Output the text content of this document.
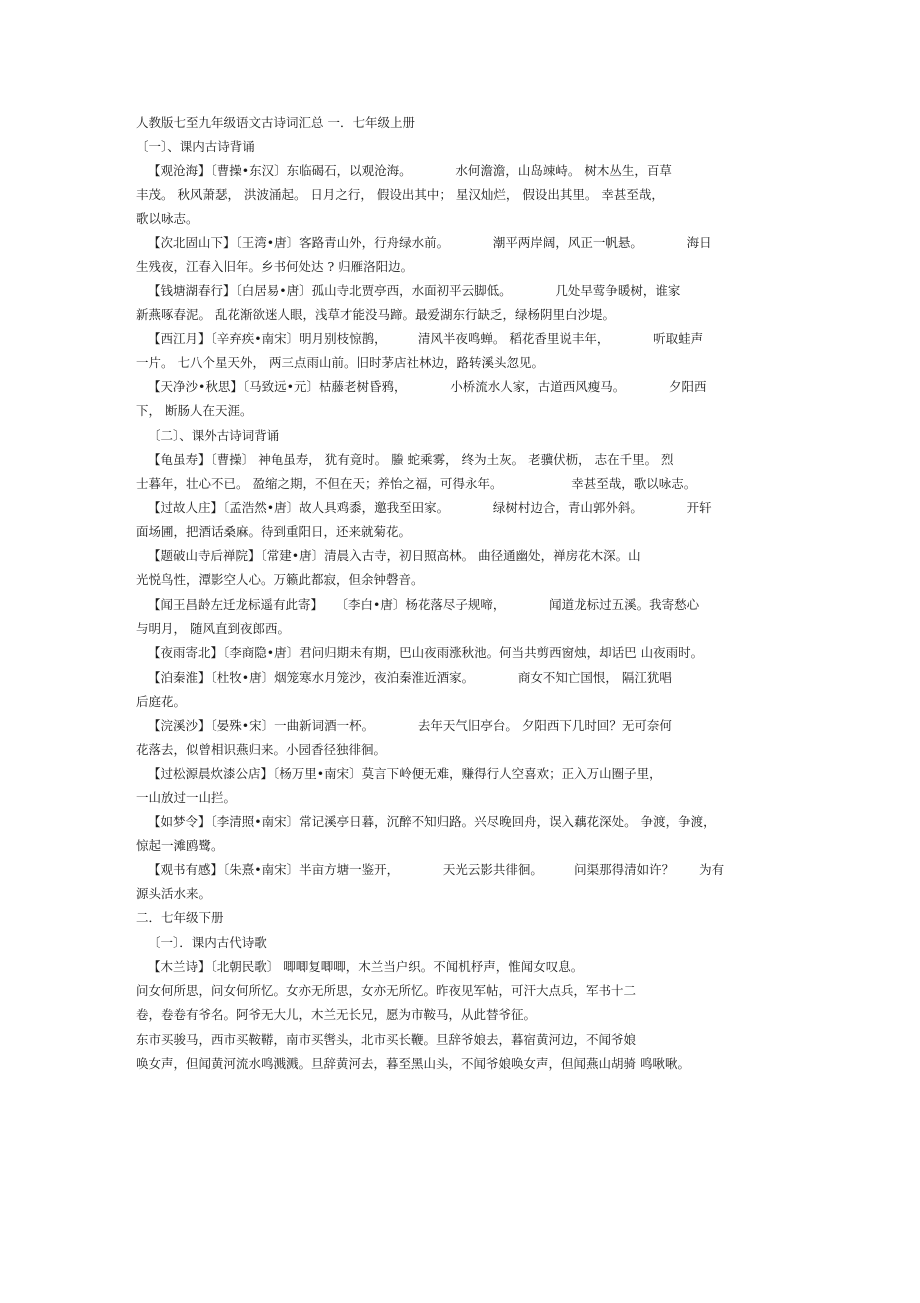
人教版七至九年级语文古诗词汇总 一．七年级上册
〔一〕、课内古诗背诵
【观沧海】〔曹操•东汉〕东临碣石，以观沧海。　　　　水何澹澹，山岛竦峙。 树木丛生，百草
丰茂。 秋风萧瑟， 洪波涌起。 日月之行， 假设出其中； 星汉灿烂， 假设出其里。 幸甚至哉，
歌以咏志。
【次北固山下】〔王湾•唐〕客路青山外，行舟绿水前。　　　　潮平两岸阔，风正一帆悬。　　　　海日
生残夜，江春入旧年。乡书何处达 ? 归雁洛阳边。
【钱塘湖春行】〔白居易•唐〕孤山寺北贾亭西，水面初平云脚低。　　　　几处早莺争暖树，谁家
新燕啄春泥。 乱花渐欲迷人眼，浅草才能没马蹄。最爱湖东行缺乏，绿杨阴里白沙堤。
【西江月】〔辛弃疾•南宋〕明月别枝惊鹊，　　　清风半夜鸣蝉。 稻花香里说丰年，　　　　听取蛙声
一片。 七八个星天外， 两三点雨山前。旧时茅店社林边，路转溪头忽见。
【天净沙•秋思】〔马致远•元〕枯藤老树昏鸦，　　　　小桥流水人家，古道西风瘦马。　　　　夕阳西
下， 断肠人在天涯。
〔二〕、课外古诗词背诵
【龟虽寿】〔曹操〕 神龟虽寿， 犹有竟时。 螣 蛇乘雾， 终为土灰。 老骥伏枥， 志在千里。 烈
士暮年，壮心不已。 盈缩之期，不但在天；养怡之福，可得永年。　　　　　　幸甚至哉，歌以咏志。
【过故人庄】〔孟浩然•唐〕故人具鸡黍，邀我至田家。　　　　绿树村边合，青山郭外斜。　　　　开轩
面场圃，把酒话桑麻。待到重阳日，还来就菊花。
【题破山寺后禅院】〔常建•唐〕清晨入古寺，初日照高林。 曲径通幽处，禅房花木深。山
光悦鸟性，潭影空人心。万籁此都寂，但余钟磬音。
【闻王昌龄左迁龙标遥有此寄】　　〔李白•唐〕杨花落尽子规啼，　　　　闻道龙标过五溪。我寄愁心
与明月， 随风直到夜郎西。
【夜雨寄北】〔李商隐•唐〕君问归期未有期，巴山夜雨涨秋池。何当共剪西窗烛，却话巴 山夜雨时。
【泊秦淮】〔杜牧•唐〕烟笼寒水月笼沙，夜泊秦淮近酒家。　　　　商女不知亡国恨， 隔江犹唱
后庭花。
【浣溪沙】〔晏殊•宋〕一曲新词酒一杯。　　　　去年天气旧亭台。 夕阳西下几时回？无可奈何
花落去，似曾相识燕归来。小园香径独徘徊。
【过松源晨炊漆公店】〔杨万里•南宋〕莫言下岭便无难，赚得行人空喜欢；正入万山圈子里，
一山放过一山拦。
【如梦令】〔李清照•南宋〕常记溪亭日暮，沉醉不知归路。兴尽晚回舟，误入藕花深处。 争渡，争渡，
惊起一滩鸥鹭。
【观书有感】〔朱熹•南宋〕半亩方塘一鉴开，　　　　天光云影共徘徊。　　　问渠那得清如许？　　为有
源头活水来。
二．七年级下册
〔一〕．课内古代诗歌
【木兰诗】〔北朝民歌〕 唧唧复唧唧，木兰当户织。不闻机杼声，惟闻女叹息。
问女何所思，问女何所忆。女亦无所思，女亦无所忆。昨夜见军帖，可汗大点兵，军书十二
卷，卷卷有爷名。阿爷无大儿，木兰无长兄，愿为市鞍马，从此替爷征。
东市买骏马，西市买鞍鞯，南市买辔头，北市买长鞭。旦辞爷娘去，暮宿黄河边，不闻爷娘
唤女声，但闻黄河流水鸣溅溅。旦辞黄河去，暮至黑山头，不闻爷娘唤女声，但闻燕山胡骑 鸣啾啾。
